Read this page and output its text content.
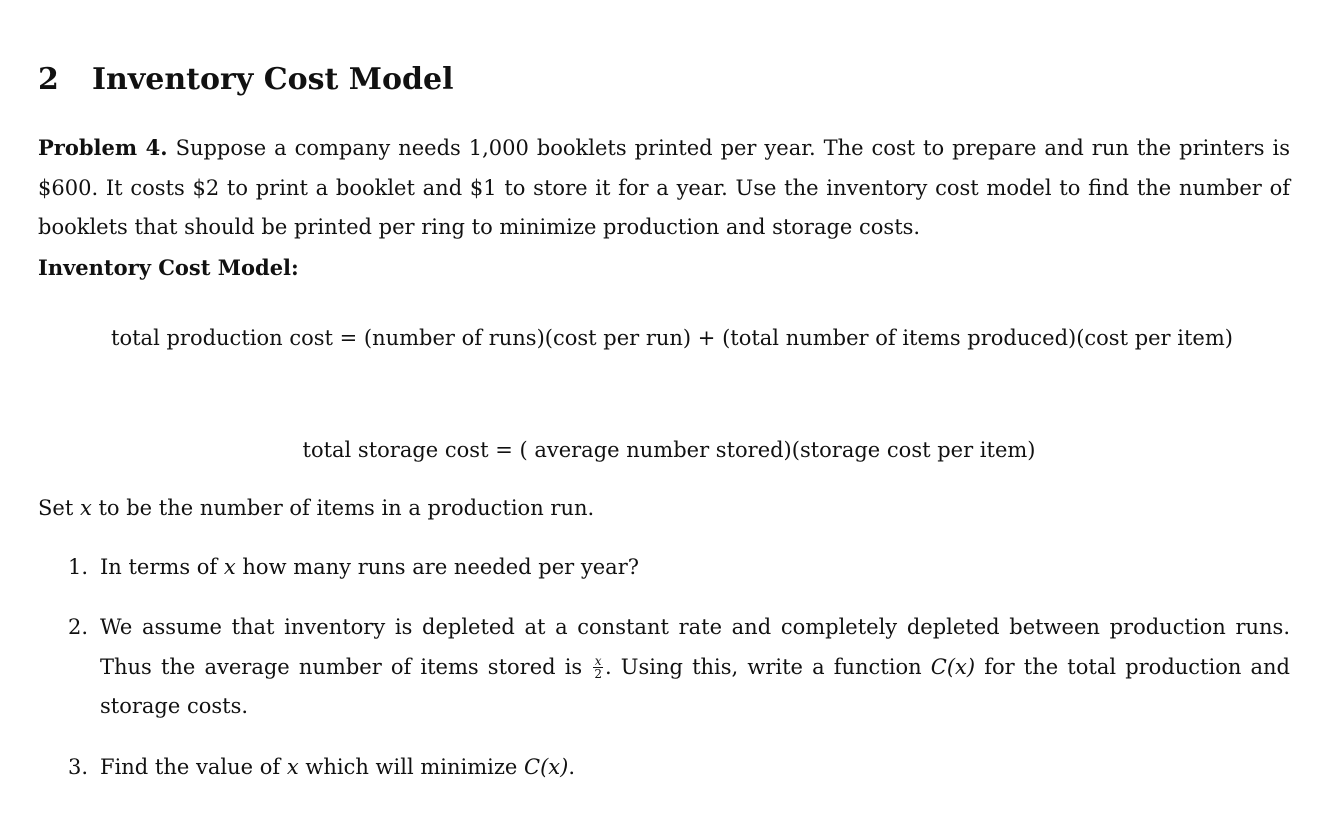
2 Inventory Cost Model

Problem 4. Suppose a company needs 1,000 booklets printed per year. The cost to prepare and run the printers is $600. It costs $2 to print a booklet and $1 to store it for a year. Use the inventory cost model to find the number of booklets that should be printed per ring to minimize production and storage costs.

Inventory Cost Model:

total production cost = (number of runs)(cost per run) + (total number of items produced)(cost per item)
total storage cost = ( average number stored)(storage cost per item)

Set x to be the number of items in a production run.

1. In terms of x how many runs are needed per year?
2. We assume that inventory is depleted at a constant rate and completely depleted between production runs. Thus the average number of items stored is $\frac{x}{2}$ . Using this, write a function C(x) for the total production and storage costs.
3. Find the value of x which will minimize C(x).
